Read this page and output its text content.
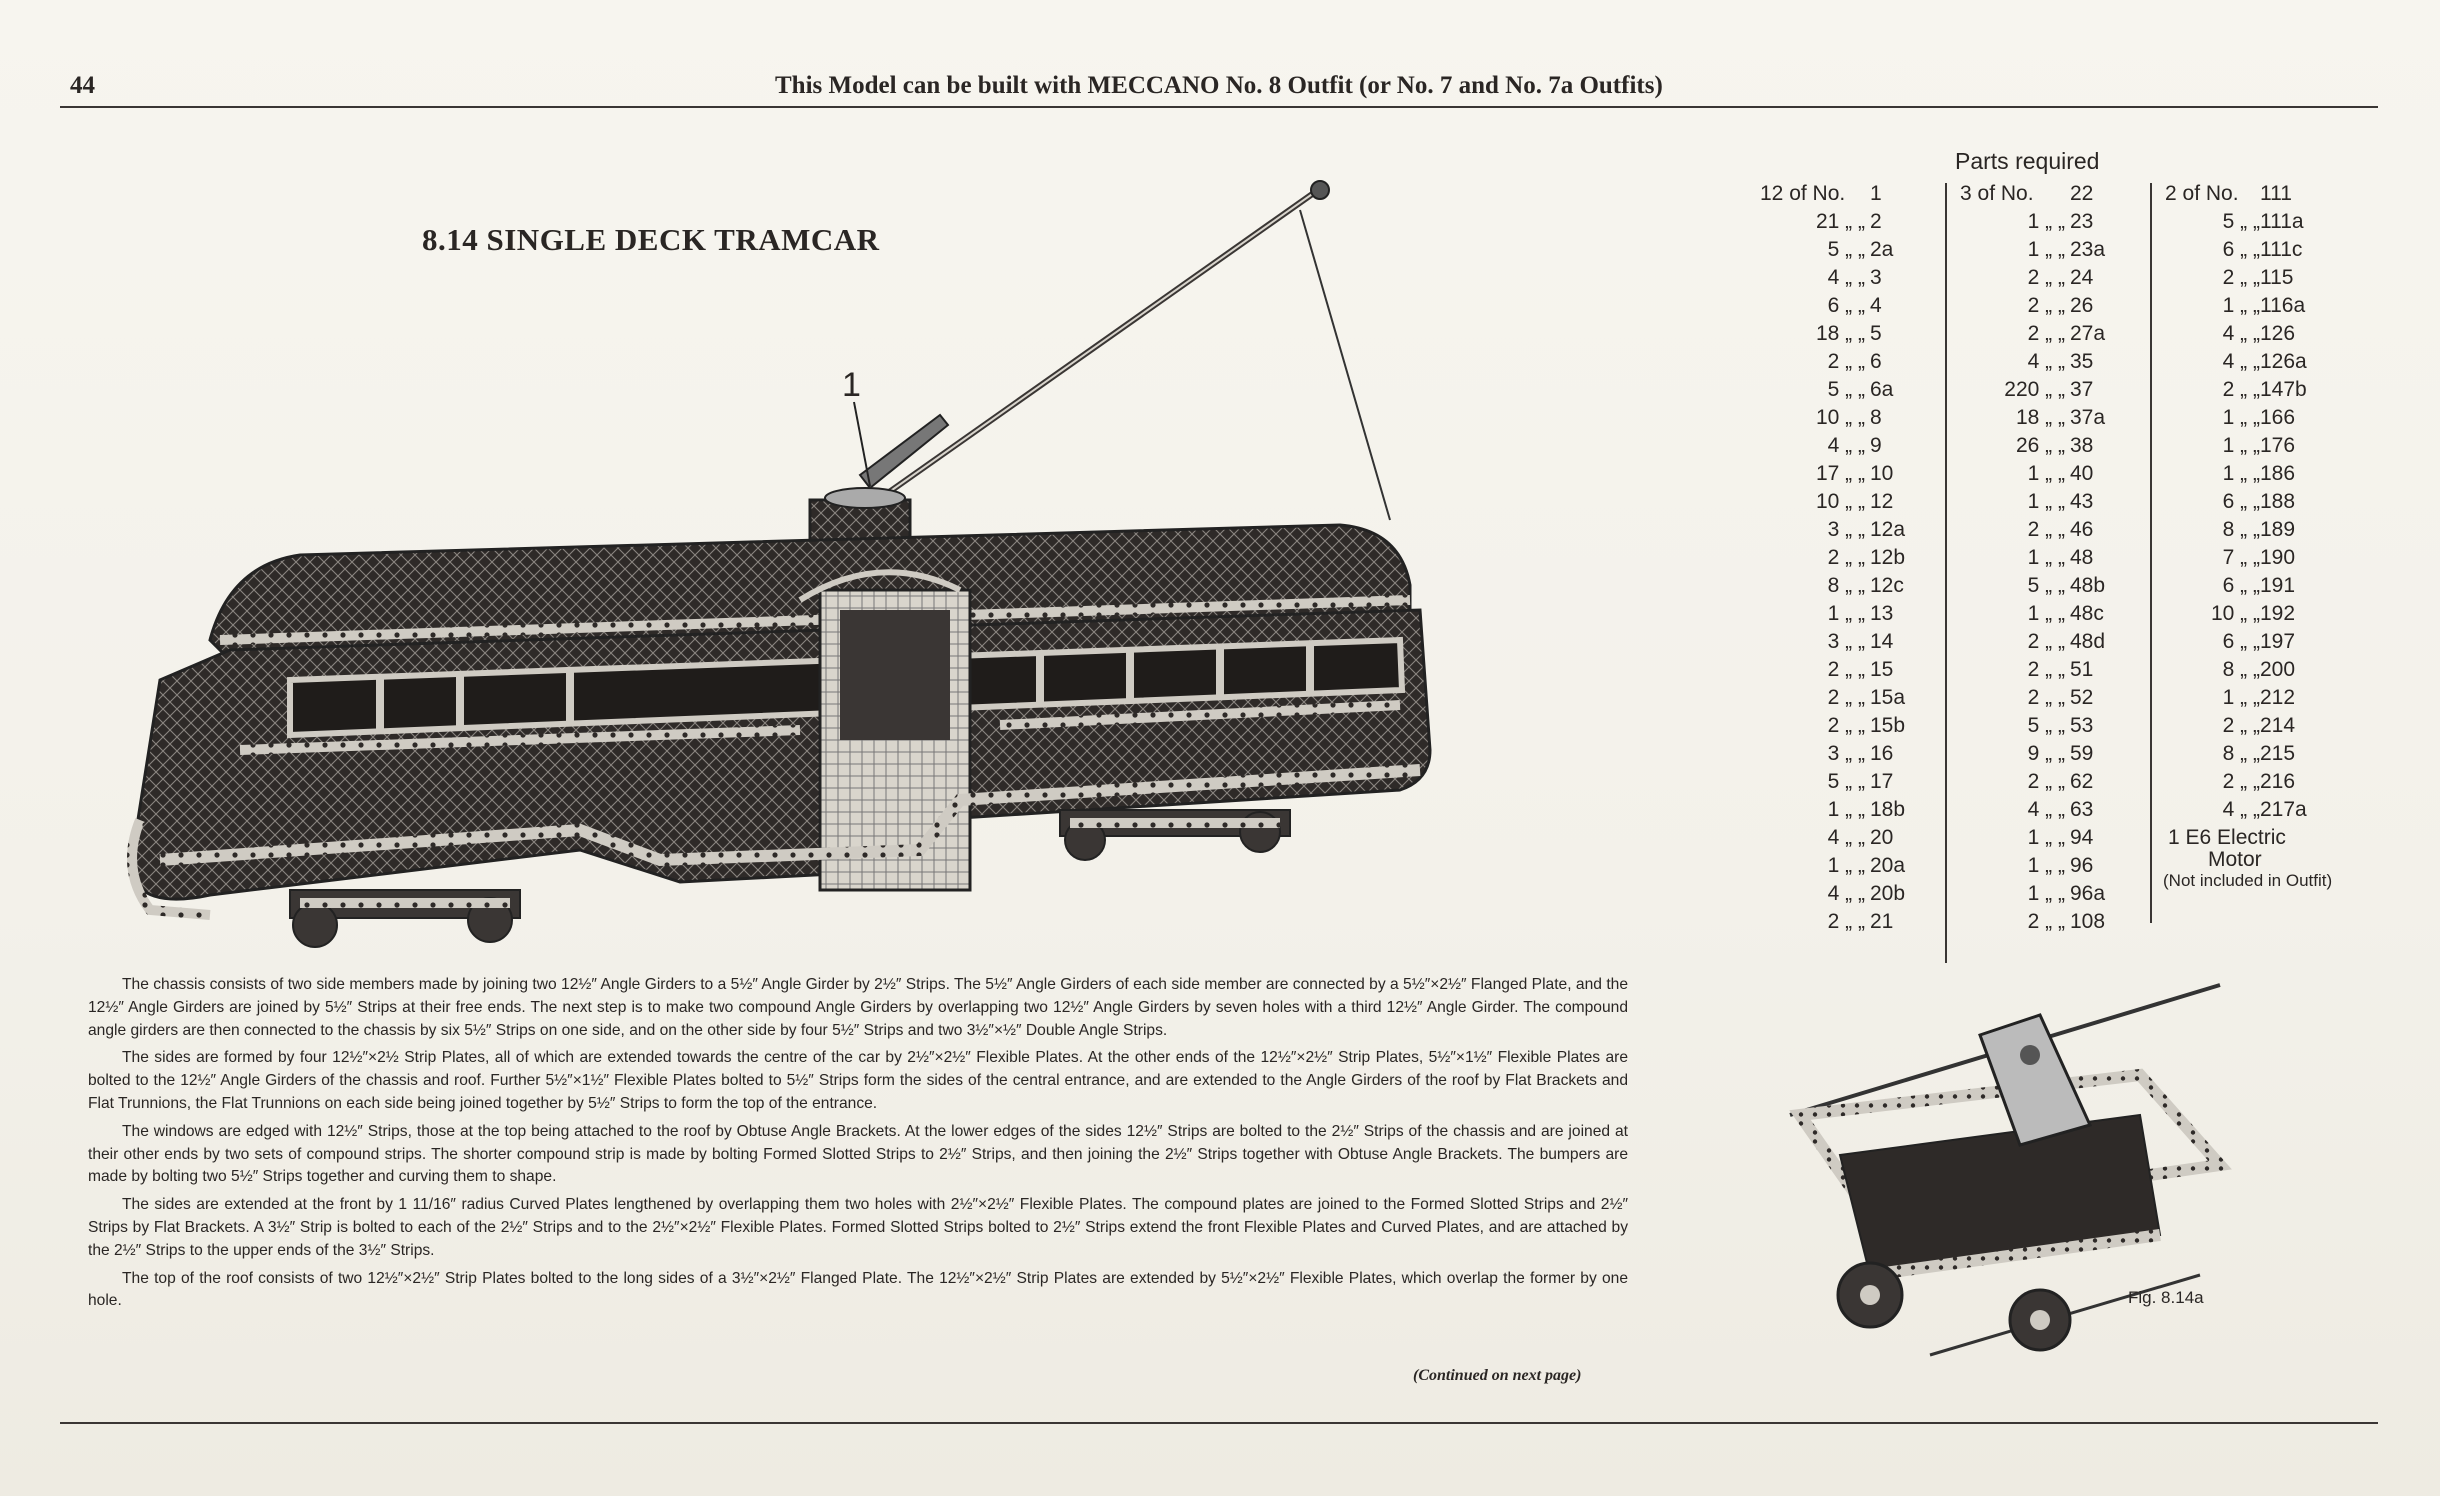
44	This Model can be built with MECCANO No. 8 Outfit (or No. 7 and No. 7a Outfits)
8.14 SINGLE DECK TRAMCAR
1
Parts required
12 of No.	1
21 „ „ 2
5 „ „ 2a
4 „ „ 3
6 „ „ 4
18 „ „ 5
2 „ „ 6
5 „ „ 6a
10 „ „ 8
4 „ „ 9
17 „ „ 10
10 „ „ 12
3 „ „ 12a
2 „ „ 12b
8 „ „ 12c
1 „ „ 13
3 „ „ 14
2 „ „ 15
2 „ „ 15a
2 „ „ 15b
3 „ „ 16
5 „ „ 17
1 „ „ 18b
4 „ „ 20
1 „ „ 20a
4 „ „ 20b
2 „ „ 21
3 of No.	22
1 „ „ 23
1 „ „ 23a
2 „ „ 24
2 „ „ 26
2 „ „ 27a
4 „ „ 35
220 „ „ 37
18 „ „ 37a
26 „ „ 38
1 „ „ 40
1 „ „ 43
2 „ „ 46
1 „ „ 48
5 „ „ 48b
1 „ „ 48c
2 „ „ 48d
2 „ „ 51
2 „ „ 52
5 „ „ 53
9 „ „ 59
2 „ „ 62
4 „ „ 63
1 „ „ 94
1 „ „ 96
1 „ „ 96a
2 „ „ 108
2 of No.	111
5 „ „ 111a
6 „ „ 111c
2 „ „ 115
1 „ „ 116a
4 „ „ 126
4 „ „ 126a
2 „ „ 147b
1 „ „ 166
1 „ „ 176
1 „ „ 186
6 „ „ 188
8 „ „ 189
7 „ „ 190
6 „ „ 191
10 „ „ 192
6 „ „ 197
8 „ „ 200
1 „ „ 212
2 „ „ 214
8 „ „ 215
2 „ „ 216
4 „ „ 217a
1 E6 Electric
Motor
(Not included in Outfit)
Fig. 8.14a

The chassis consists of two side members made by joining two 12½″ Angle Girders to a 5½″ Angle Girder by 2½″ Strips. The 5½″ Angle Girders of each side member are connected by a 5½″×2½″ Flanged Plate, and the 12½″ Angle Girders are joined by 5½″ Strips at their free ends. The next step is to make two compound Angle Girders by overlapping two 12½″ Angle Girders by seven holes with a third 12½″ Angle Girder. The compound angle girders are then connected to the chassis by six 5½″ Strips on one side, and on the other side by four 5½″ Strips and two 3½″×½″ Double Angle Strips.

The sides are formed by four 12½″×2½ Strip Plates, all of which are extended towards the centre of the car by 2½″×2½″ Flexible Plates. At the other ends of the 12½″×2½″ Strip Plates, 5½″×1½″ Flexible Plates are bolted to the 12½″ Angle Girders of the chassis and roof. Further 5½″×1½″ Flexible Plates bolted to 5½″ Strips form the sides of the central entrance, and are extended to the Angle Girders of the roof by Flat Brackets and Flat Trunnions, the Flat Trunnions on each side being joined together by 5½″ Strips to form the top of the entrance.

The windows are edged with 12½″ Strips, those at the top being attached to the roof by Obtuse Angle Brackets. At the lower edges of the sides 12½″ Strips are bolted to the 2½″ Strips of the chassis and are joined at their other ends by two sets of compound strips. The shorter compound strip is made by bolting Formed Slotted Strips to 2½″ Strips, and then joining the 2½″ Strips together with Obtuse Angle Brackets. The bumpers are made by bolting two 5½″ Strips together and curving them to shape.

The sides are extended at the front by 1 11/16″ radius Curved Plates lengthened by overlapping them two holes with 2½″×2½″ Flexible Plates. The compound plates are joined to the Formed Slotted Strips and 2½″ Strips by Flat Brackets. A 3½″ Strip is bolted to each of the 2½″ Strips and to the 2½″×2½″ Flexible Plates. Formed Slotted Strips bolted to 2½″ Strips extend the front Flexible Plates and Curved Plates, and are attached by the 2½″ Strips to the upper ends of the 3½″ Strips.

The top of the roof consists of two 12½″×2½″ Strip Plates bolted to the long sides of a 3½″×2½″ Flanged Plate. The 12½″×2½″ Strip Plates are extended by 5½″×2½″ Flexible Plates, which overlap the former by one hole.

(Continued on next page)
